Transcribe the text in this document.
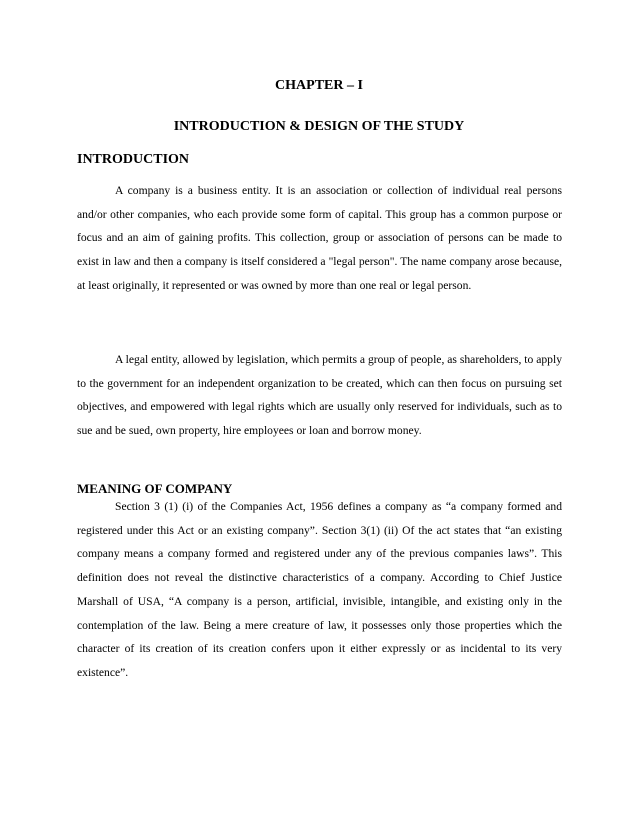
CHAPTER – I
INTRODUCTION & DESIGN OF THE STUDY
INTRODUCTION

A company is a business entity. It is an association or collection of individual real persons and/or other companies, who each provide some form of capital. This group has a common purpose or focus and an aim of gaining profits. This collection, group or association of persons can be made to exist in law and then a company is itself considered a "legal person". The name company arose because, at least originally, it represented or was owned by more than one real or legal person.

A legal entity, allowed by legislation, which permits a group of people, as shareholders, to apply to the government for an independent organization to be created, which can then focus on pursuing set objectives, and empowered with legal rights which are usually only reserved for individuals, such as to sue and be sued, own property, hire employees or loan and borrow money.

MEANING OF COMPANY

Section 3 (1) (i) of the Companies Act, 1956 defines a company as “a company formed and registered under this Act or an existing company”. Section 3(1) (ii) Of the act states that “an existing company means a company formed and registered under any of the previous companies laws”. This definition does not reveal the distinctive characteristics of a company. According to Chief Justice Marshall of USA, “A company is a person, artificial, invisible, intangible, and existing only in the contemplation of the law. Being a mere creature of law, it possesses only those properties which the character of its creation of its creation confers upon it either expressly or as incidental to its very existence”.
